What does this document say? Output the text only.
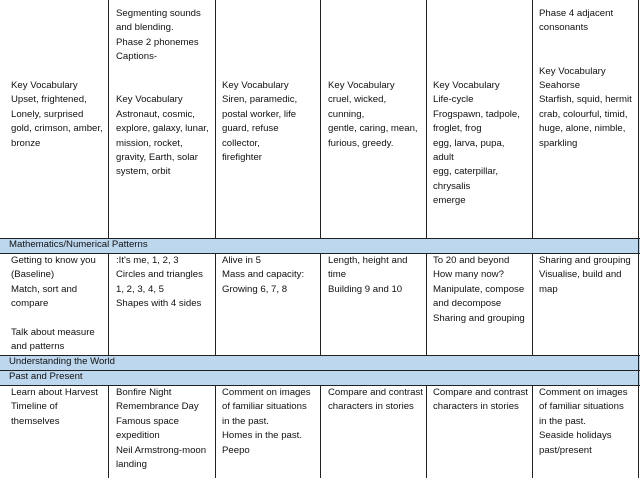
Key Vocabulary
Upset, frightened,
Lonely, surprised
gold, crimson, amber,
bronze
Segmenting sounds
and blending.
Phase 2 phonemes
Captions-

Key Vocabulary
Astronaut, cosmic,
explore, galaxy, lunar,
mission, rocket,
gravity, Earth, solar
system, orbit
Key Vocabulary
Siren, paramedic,
postal worker, life
guard, refuse collector,
firefighter
Key Vocabulary
cruel, wicked, cunning,
gentle, caring, mean,
furious, greedy.
Key Vocabulary
Life-cycle
Frogspawn, tadpole,
froglet, frog
egg, larva, pupa,
adult
egg, caterpillar,
chrysalis
emerge
Phase 4 adjacent
consonants

Key Vocabulary
Seahorse
Starfish, squid, hermit
crab, colourful, timid,
huge, alone, nimble,
sparkling
Mathematics/Numerical Patterns
Getting to know you
(Baseline)
Match, sort and
compare

Talk about measure
and patterns
:It's me, 1, 2, 3
Circles and triangles
1, 2, 3, 4, 5
Shapes with 4 sides
Alive in 5
Mass and capacity:
Growing 6, 7, 8
Length, height and
time
Building 9 and 10
To 20 and beyond
How many now?
Manipulate, compose
and decompose
Sharing and grouping
Sharing and grouping
Visualise, build and
map
Understanding the World
Past and Present
Learn about Harvest
Timeline of themselves
Bonfire Night
Remembrance Day
Famous space
expedition
Neil Armstrong-moon
landing
Comment on images
of familiar situations
in the past.
Homes in the past.
Peepo
Compare and contrast
characters in stories
Compare and contrast
characters in stories
Comment on images
of familiar situations
in the past.
Seaside holidays
past/present
